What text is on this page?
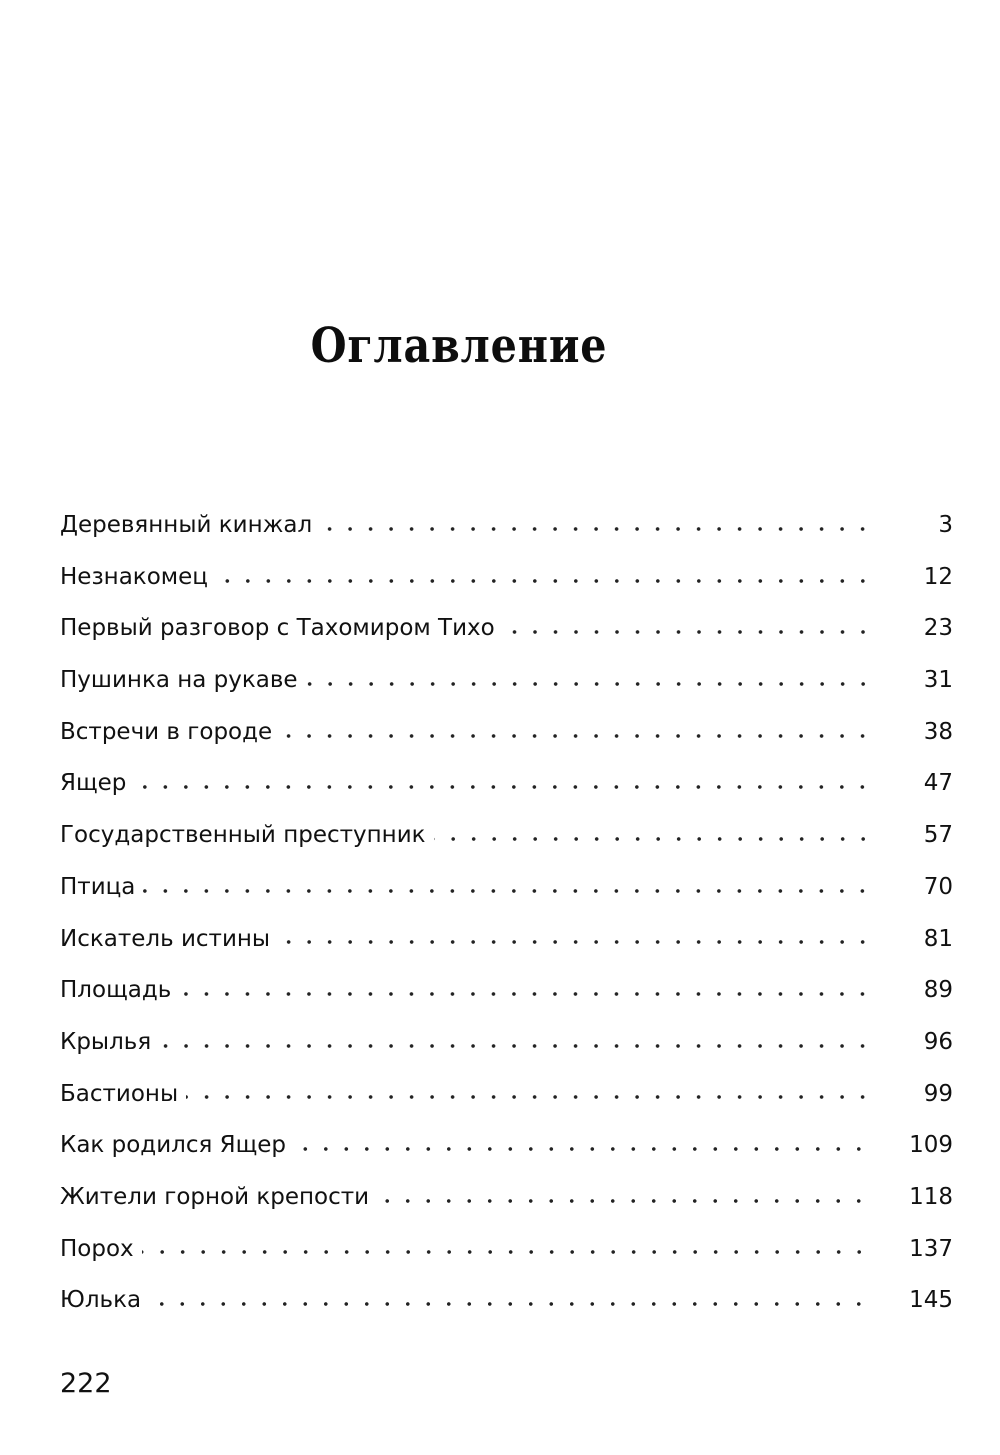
Оглавление
Деревянный кинжал	3
Незнакомец	12
Первый разговор с Тахомиром Тихо	23
Пушинка на рукаве	31
Встречи в городе	38
Ящер	47
Государственный преступник	57
Птица	70
Искатель истины	81
Площадь	89
Крылья	96
Бастионы	99
Как родился Ящер	109
Жители горной крепости	118
Порох	137
Юлька	145
222
